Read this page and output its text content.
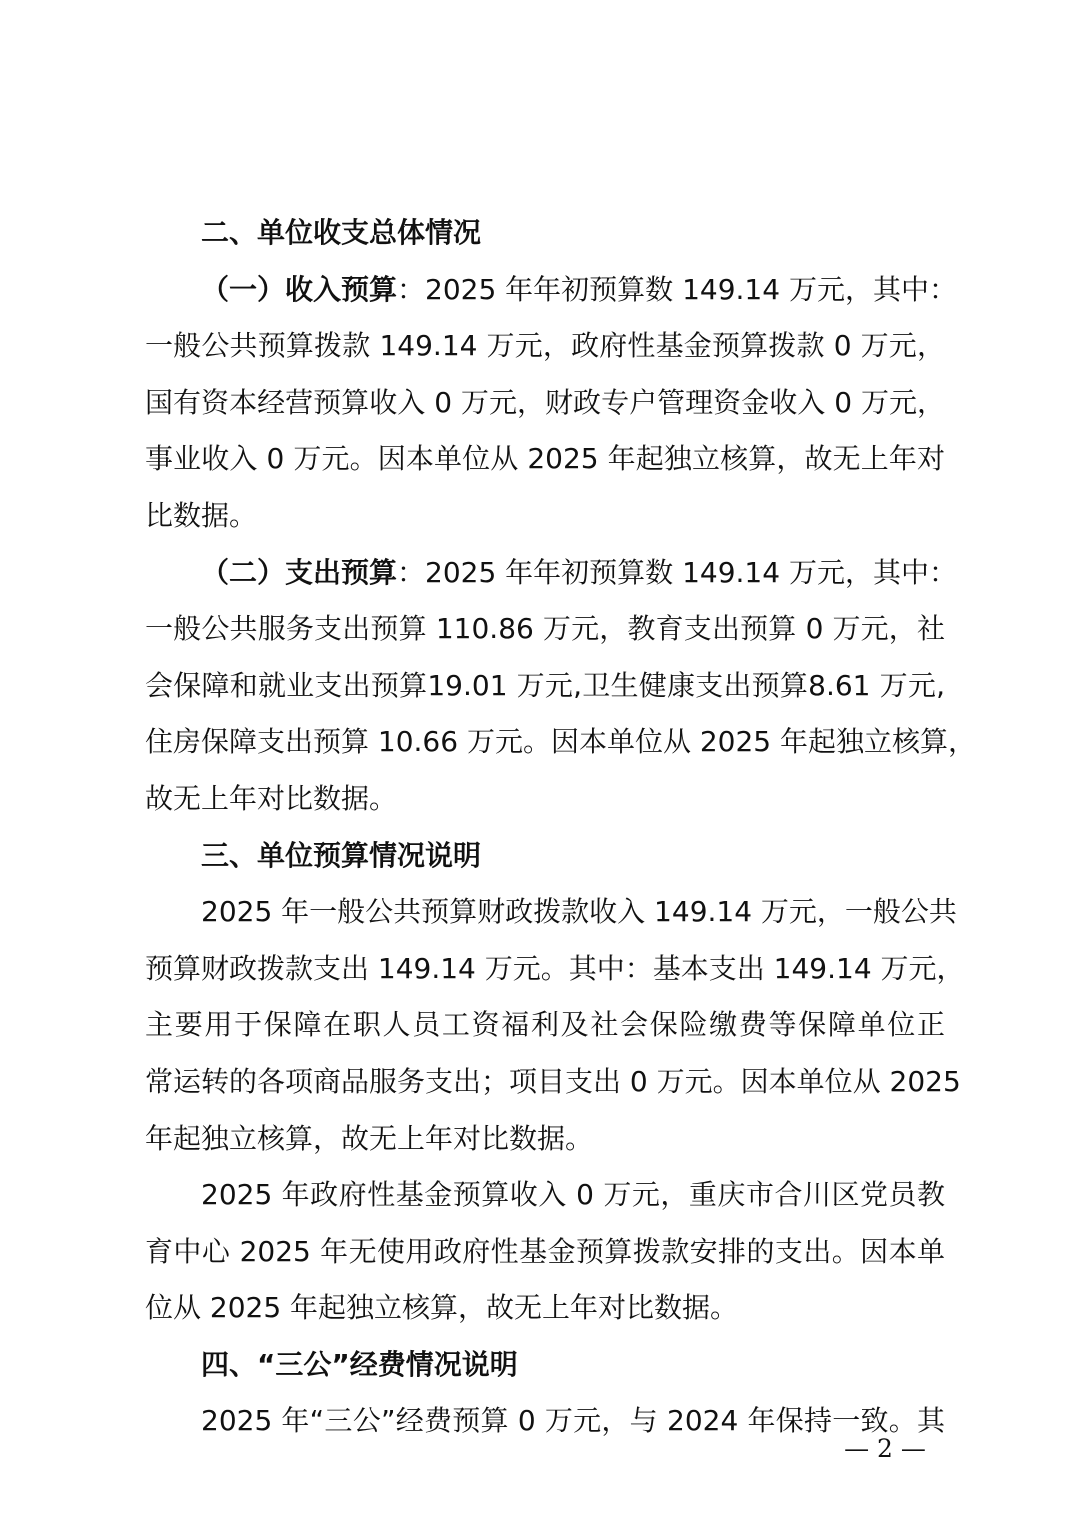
二、单位收支总体情况
（一）收入预算：2025 年年初预算数 149.14 万元，其中：
一般公共预算拨款 149.14 万元，政府性基金预算拨款 0 万元，
国有资本经营预算收入 0 万元，财政专户管理资金收入 0 万元，
事业收入 0 万元。因本单位从 2025 年起独立核算，故无上年对
比数据。
（二）支出预算：2025 年年初预算数 149.14 万元，其中：
一般公共服务支出预算 110.86 万元，教育支出预算 0 万元，社
会保障和就业支出预算19.01 万元,卫生健康支出预算8.61 万元,
住房保障支出预算 10.66 万元。因本单位从 2025 年起独立核算，
故无上年对比数据。
三、单位预算情况说明
2025 年一般公共预算财政拨款收入 149.14 万元，一般公共
预算财政拨款支出 149.14 万元。其中：基本支出 149.14 万元，
主要用于保障在职人员工资福利及社会保险缴费等保障单位正
常运转的各项商品服务支出；项目支出 0 万元。因本单位从 2025
年起独立核算，故无上年对比数据。
2025 年政府性基金预算收入 0 万元，重庆市合川区党员教
育中心 2025 年无使用政府性基金预算拨款安排的支出。因本单
位从 2025 年起独立核算，故无上年对比数据。
四、“三公”经费情况说明
2025 年“三公”经费预算 0 万元，与 2024 年保持一致。其
— 2 —
